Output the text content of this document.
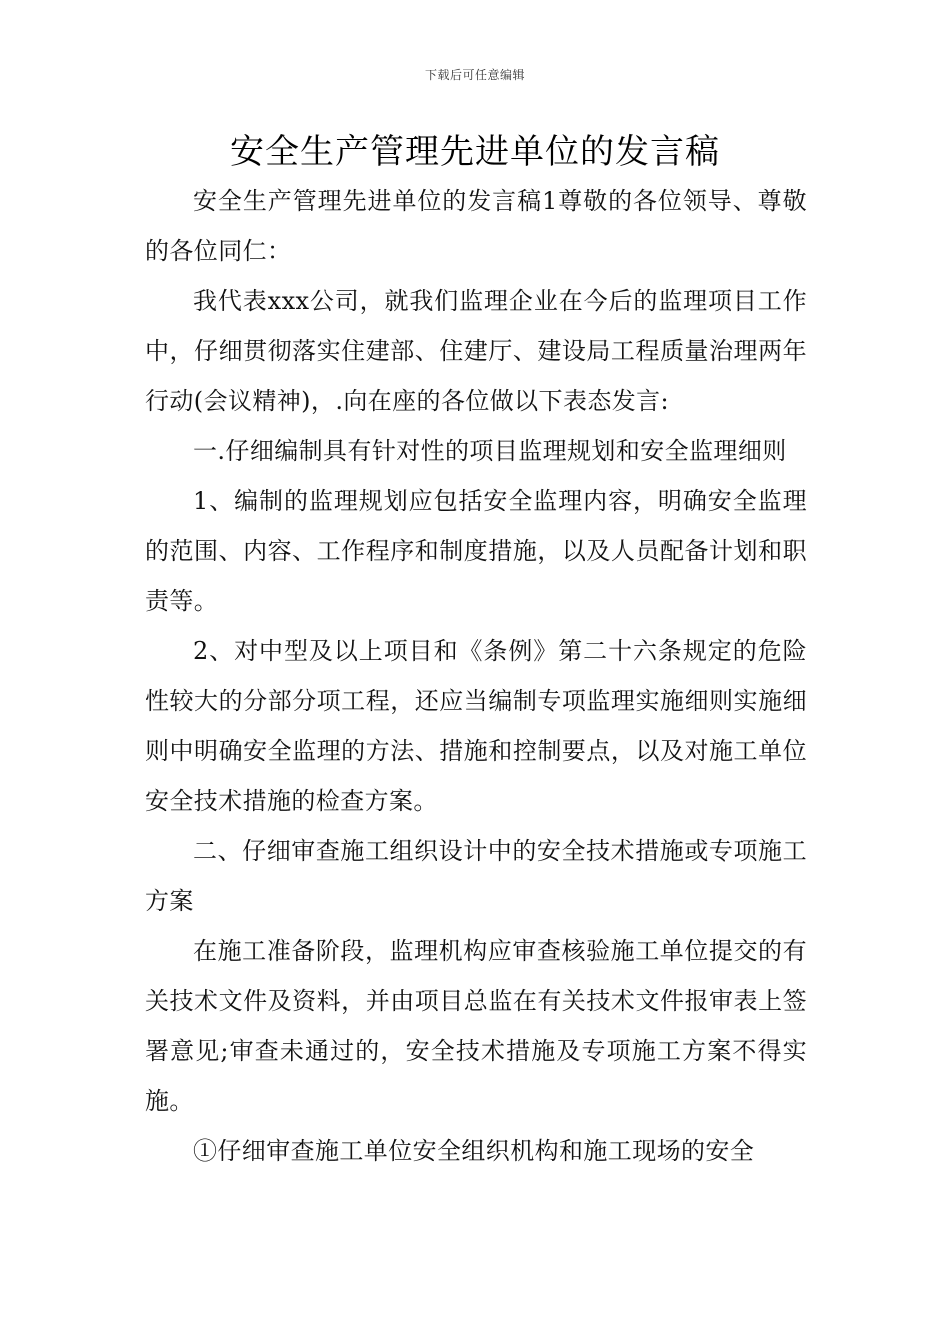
下载后可任意编辑
安全生产管理先进单位的发言稿

安全生产管理先进单位的发言稿1尊敬的各位领导、尊敬的各位同仁：

我代表xxx公司，就我们监理企业在今后的监理项目工作中，仔细贯彻落实住建部、住建厅、建设局工程质量治理两年行动(会议精神)，.向在座的各位做以下表态发言:

一.仔细编制具有针对性的项目监理规划和安全监理细则

1、编制的监理规划应包括安全监理内容，明确安全监理的范围、内容、工作程序和制度措施，以及人员配备计划和职责等。

2、对中型及以上项目和《条例》第二十六条规定的危险性较大的分部分项工程，还应当编制专项监理实施细则实施细则中明确安全监理的方法、措施和控制要点，以及对施工单位安全技术措施的检查方案。

二、仔细审查施工组织设计中的安全技术措施或专项施工方案

在施工准备阶段，监理机构应审查核验施工单位提交的有关技术文件及资料，并由项目总监在有关技术文件报审表上签署意见;审查未通过的，安全技术措施及专项施工方案不得实施。

①仔细审查施工单位安全组织机构和施工现场的安全
